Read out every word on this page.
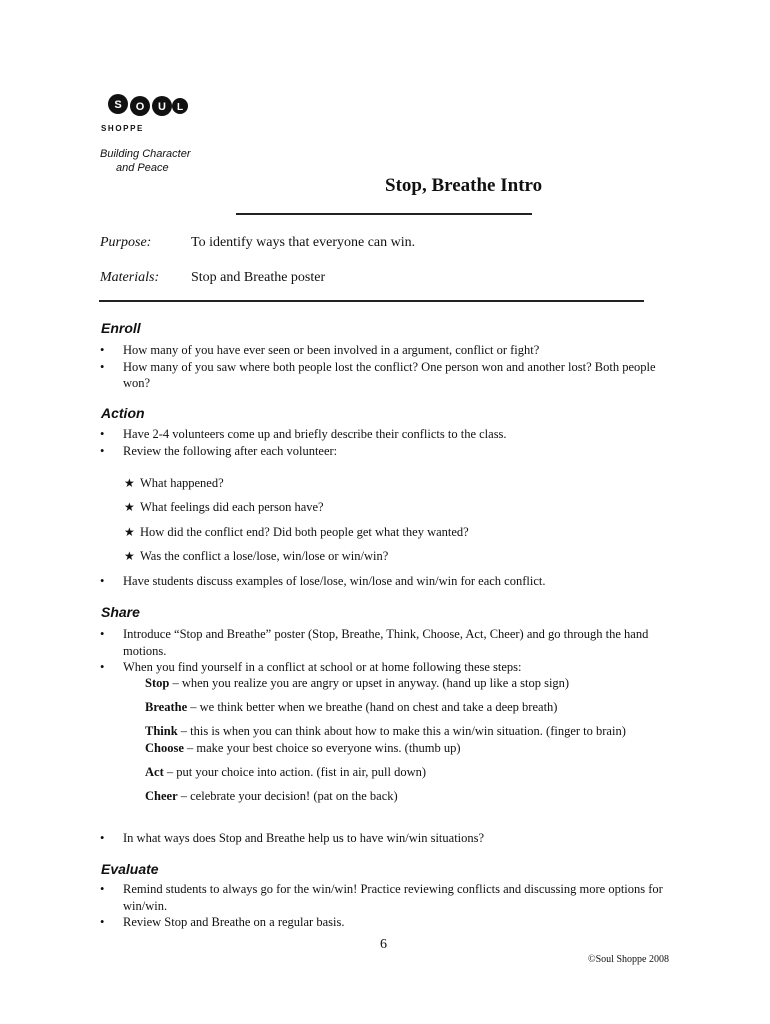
S O U L
SHOPPE
Building Character
and Peace
Stop, Breathe Intro
Purpose:	To identify ways that everyone can win.
Materials: Stop and Breathe poster
Enroll
• How many of you have ever seen or been involved in a argument, conflict or fight?
• How many of you saw where both people lost the conflict? One person won and another lost? Both people won?
Action
• Have 2-4 volunteers come up and briefly describe their conflicts to the class.
• Review the following after each volunteer:
★ What happened?
★ What feelings did each person have?
★ How did the conflict end? Did both people get what they wanted?
★ Was the conflict a lose/lose, win/lose or win/win?
• Have students discuss examples of lose/lose, win/lose and win/win for each conflict.
Share
• Introduce “Stop and Breathe” poster (Stop, Breathe, Think, Choose, Act, Cheer) and go through the hand motions.
• When you find yourself in a conflict at school or at home following these steps:
Stop – when you realize you are angry or upset in anyway. (hand up like a stop sign)
Breathe – we think better when we breathe (hand on chest and take a deep breath)
Think – this is when you can think about how to make this a win/win situation. (finger to brain)
Choose – make your best choice so everyone wins. (thumb up)
Act – put your choice into action. (fist in air, pull down)
Cheer – celebrate your decision! (pat on the back)
• In what ways does Stop and Breathe help us to have win/win situations?
Evaluate
• Remind students to always go for the win/win! Practice reviewing conflicts and discussing more options for win/win.
• Review Stop and Breathe on a regular basis.
6
©Soul Shoppe 2008
